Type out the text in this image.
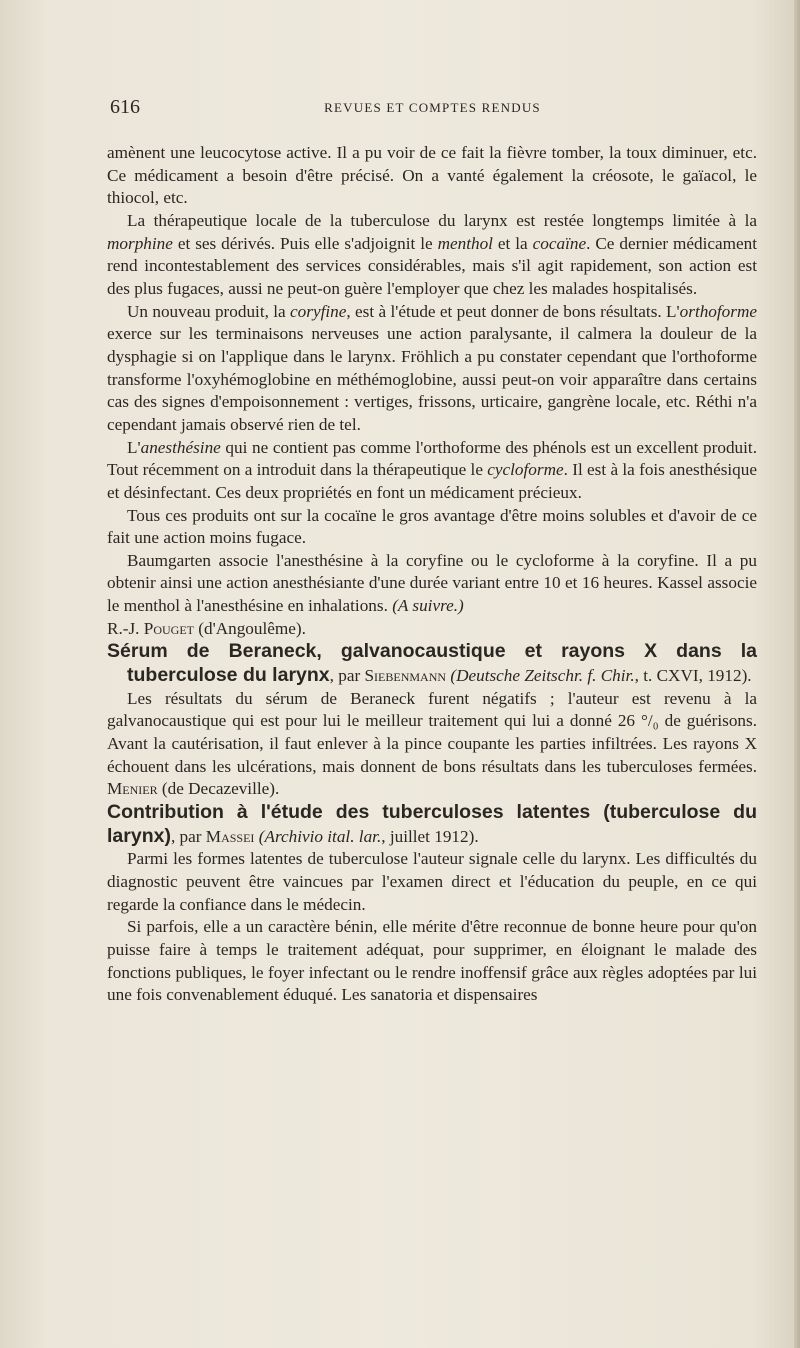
616	REVUES ET COMPTES RENDUS

amènent une leucocytose active. Il a pu voir de ce fait la fièvre tomber, la toux diminuer, etc. Ce médicament a besoin d'être précisé. On a vanté également la créosote, le gaïacol, le thiocol, etc.

La thérapeutique locale de la tuberculose du larynx est restée longtemps limitée à la morphine et ses dérivés. Puis elle s'adjoignit le menthol et la cocaïne. Ce dernier médicament rend incontestablement des services considérables, mais s'il agit rapidement, son action est des plus fugaces, aussi ne peut-on guère l'employer que chez les malades hospitalisés.

Un nouveau produit, la coryfine, est à l'étude et peut donner de bons résultats. L'orthoforme exerce sur les terminaisons nerveuses une action paralysante, il calmera la douleur de la dysphagie si on l'applique dans le larynx. Fröhlich a pu constater cependant que l'orthoforme transforme l'oxyhémoglobine en méthémoglobine, aussi peut-on voir apparaître dans certains cas des signes d'empoisonnement : vertiges, frissons, urticaire, gangrène locale, etc. Réthi n'a cependant jamais observé rien de tel.

L'anesthésine qui ne contient pas comme l'orthoforme des phénols est un excellent produit. Tout récemment on a introduit dans la thérapeutique le cycloforme. Il est à la fois anesthésique et désinfectant. Ces deux propriétés en font un médicament précieux.

Tous ces produits ont sur la cocaïne le gros avantage d'être moins solubles et d'avoir de ce fait une action moins fugace.

Baumgarten associe l'anesthésine à la coryfine ou le cycloforme à la coryfine. Il a pu obtenir ainsi une action anesthésiante d'une durée variant entre 10 et 16 heures. Kassel associe le menthol à l'anesthésine en inhalations. (A suivre.)

R.-J. Pouget (d'Angoulême).

Sérum de Beraneck, galvanocaustique et rayons X dans la tuberculose du larynx, par Siebenmann (Deutsche Zeitschr. f. Chir., t. CXVI, 1912).

Les résultats du sérum de Beraneck furent négatifs ; l'auteur est revenu à la galvanocaustique qui est pour lui le meilleur traitement qui lui a donné 26 °/₀ de guérisons. Avant la cautérisation, il faut enlever à la pince coupante les parties infiltrées. Les rayons X échouent dans les ulcérations, mais donnent de bons résultats dans les tuberculoses fermées. Menier (de Decazeville).

Contribution à l'étude des tuberculoses latentes (tuberculose du larynx), par Massei (Archivio ital. lar., juillet 1912).

Parmi les formes latentes de tuberculose l'auteur signale celle du larynx. Les difficultés du diagnostic peuvent être vaincues par l'examen direct et l'éducation du peuple, en ce qui regarde la confiance dans le médecin.

Si parfois, elle a un caractère bénin, elle mérite d'être reconnue de bonne heure pour qu'on puisse faire à temps le traitement adéquat, pour supprimer, en éloignant le malade des fonctions publiques, le foyer infectant ou le rendre inoffensif grâce aux règles adoptées par lui une fois convenablement éduqué. Les sanatoria et dispensaires
